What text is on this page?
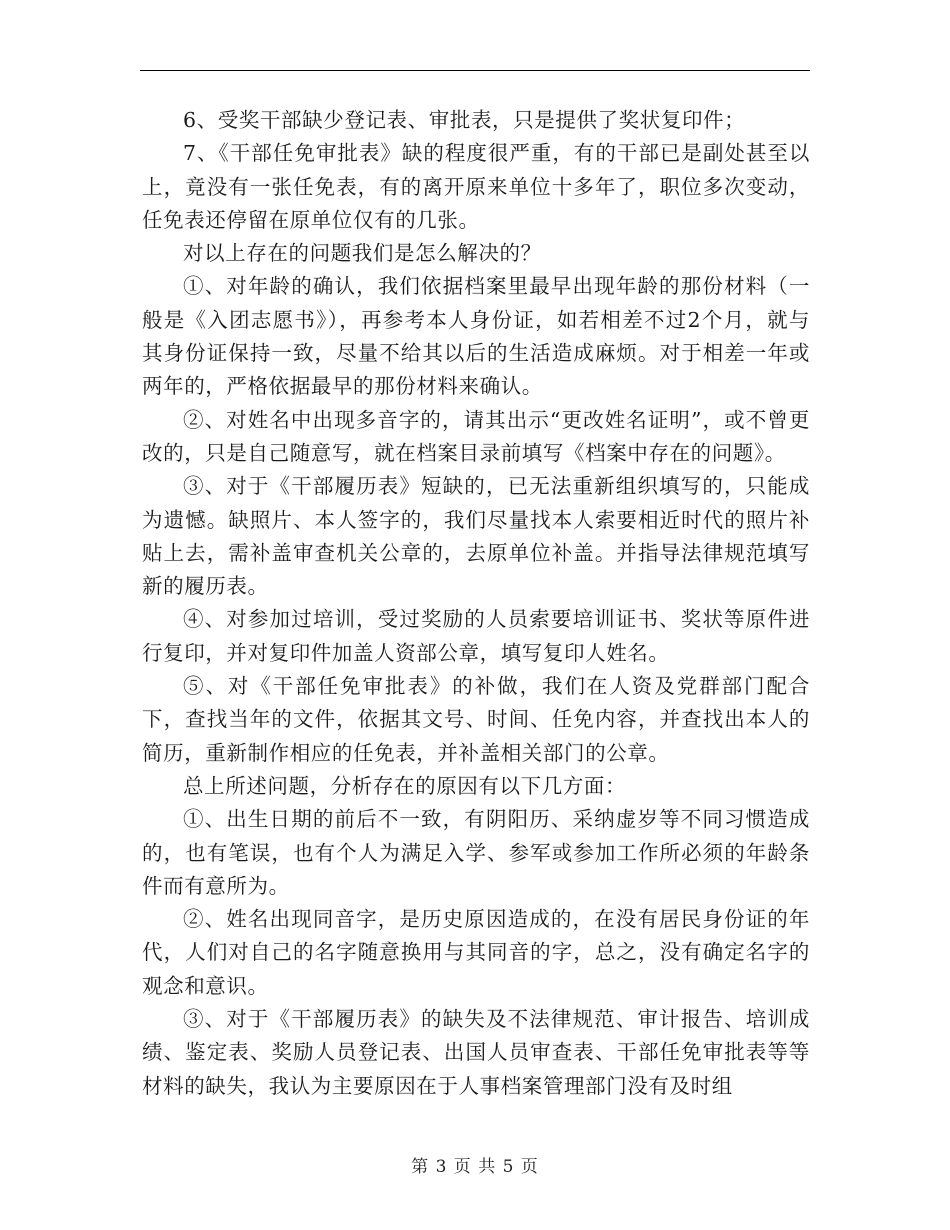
6、受奖干部缺少登记表、审批表，只是提供了奖状复印件；

7、《干部任免审批表》缺的程度很严重，有的干部已是副处甚至以上，竟没有一张任免表，有的离开原来单位十多年了，职位多次变动，任免表还停留在原单位仅有的几张。

对以上存在的问题我们是怎么解决的？

①、对年龄的确认，我们依据档案里最早出现年龄的那份材料（一般是《入团志愿书》），再参考本人身份证，如若相差不过2个月，就与其身份证保持一致，尽量不给其以后的生活造成麻烦。对于相差一年或两年的，严格依据最早的那份材料来确认。

②、对姓名中出现多音字的，请其出示“更改姓名证明”，或不曾更改的，只是自己随意写，就在档案目录前填写《档案中存在的问题》。

③、对于《干部履历表》短缺的，已无法重新组织填写的，只能成为遗憾。缺照片、本人签字的，我们尽量找本人索要相近时代的照片补贴上去，需补盖审查机关公章的，去原单位补盖。并指导法律规范填写新的履历表。

④、对参加过培训，受过奖励的人员索要培训证书、奖状等原件进行复印，并对复印件加盖人资部公章，填写复印人姓名。

⑤、对《干部任免审批表》的补做，我们在人资及党群部门配合下，查找当年的文件，依据其文号、时间、任免内容，并查找出本人的简历，重新制作相应的任免表，并补盖相关部门的公章。

总上所述问题，分析存在的原因有以下几方面：

①、出生日期的前后不一致，有阴阳历、采纳虚岁等不同习惯造成的，也有笔误，也有个人为满足入学、参军或参加工作所必须的年龄条件而有意所为。

②、姓名出现同音字，是历史原因造成的，在没有居民身份证的年代，人们对自己的名字随意换用与其同音的字，总之，没有确定名字的观念和意识。

③、对于《干部履历表》的缺失及不法律规范、审计报告、培训成绩、鉴定表、奖励人员登记表、出国人员审查表、干部任免审批表等等材料的缺失，我认为主要原因在于人事档案管理部门没有及时组

第 3 页 共 5 页
